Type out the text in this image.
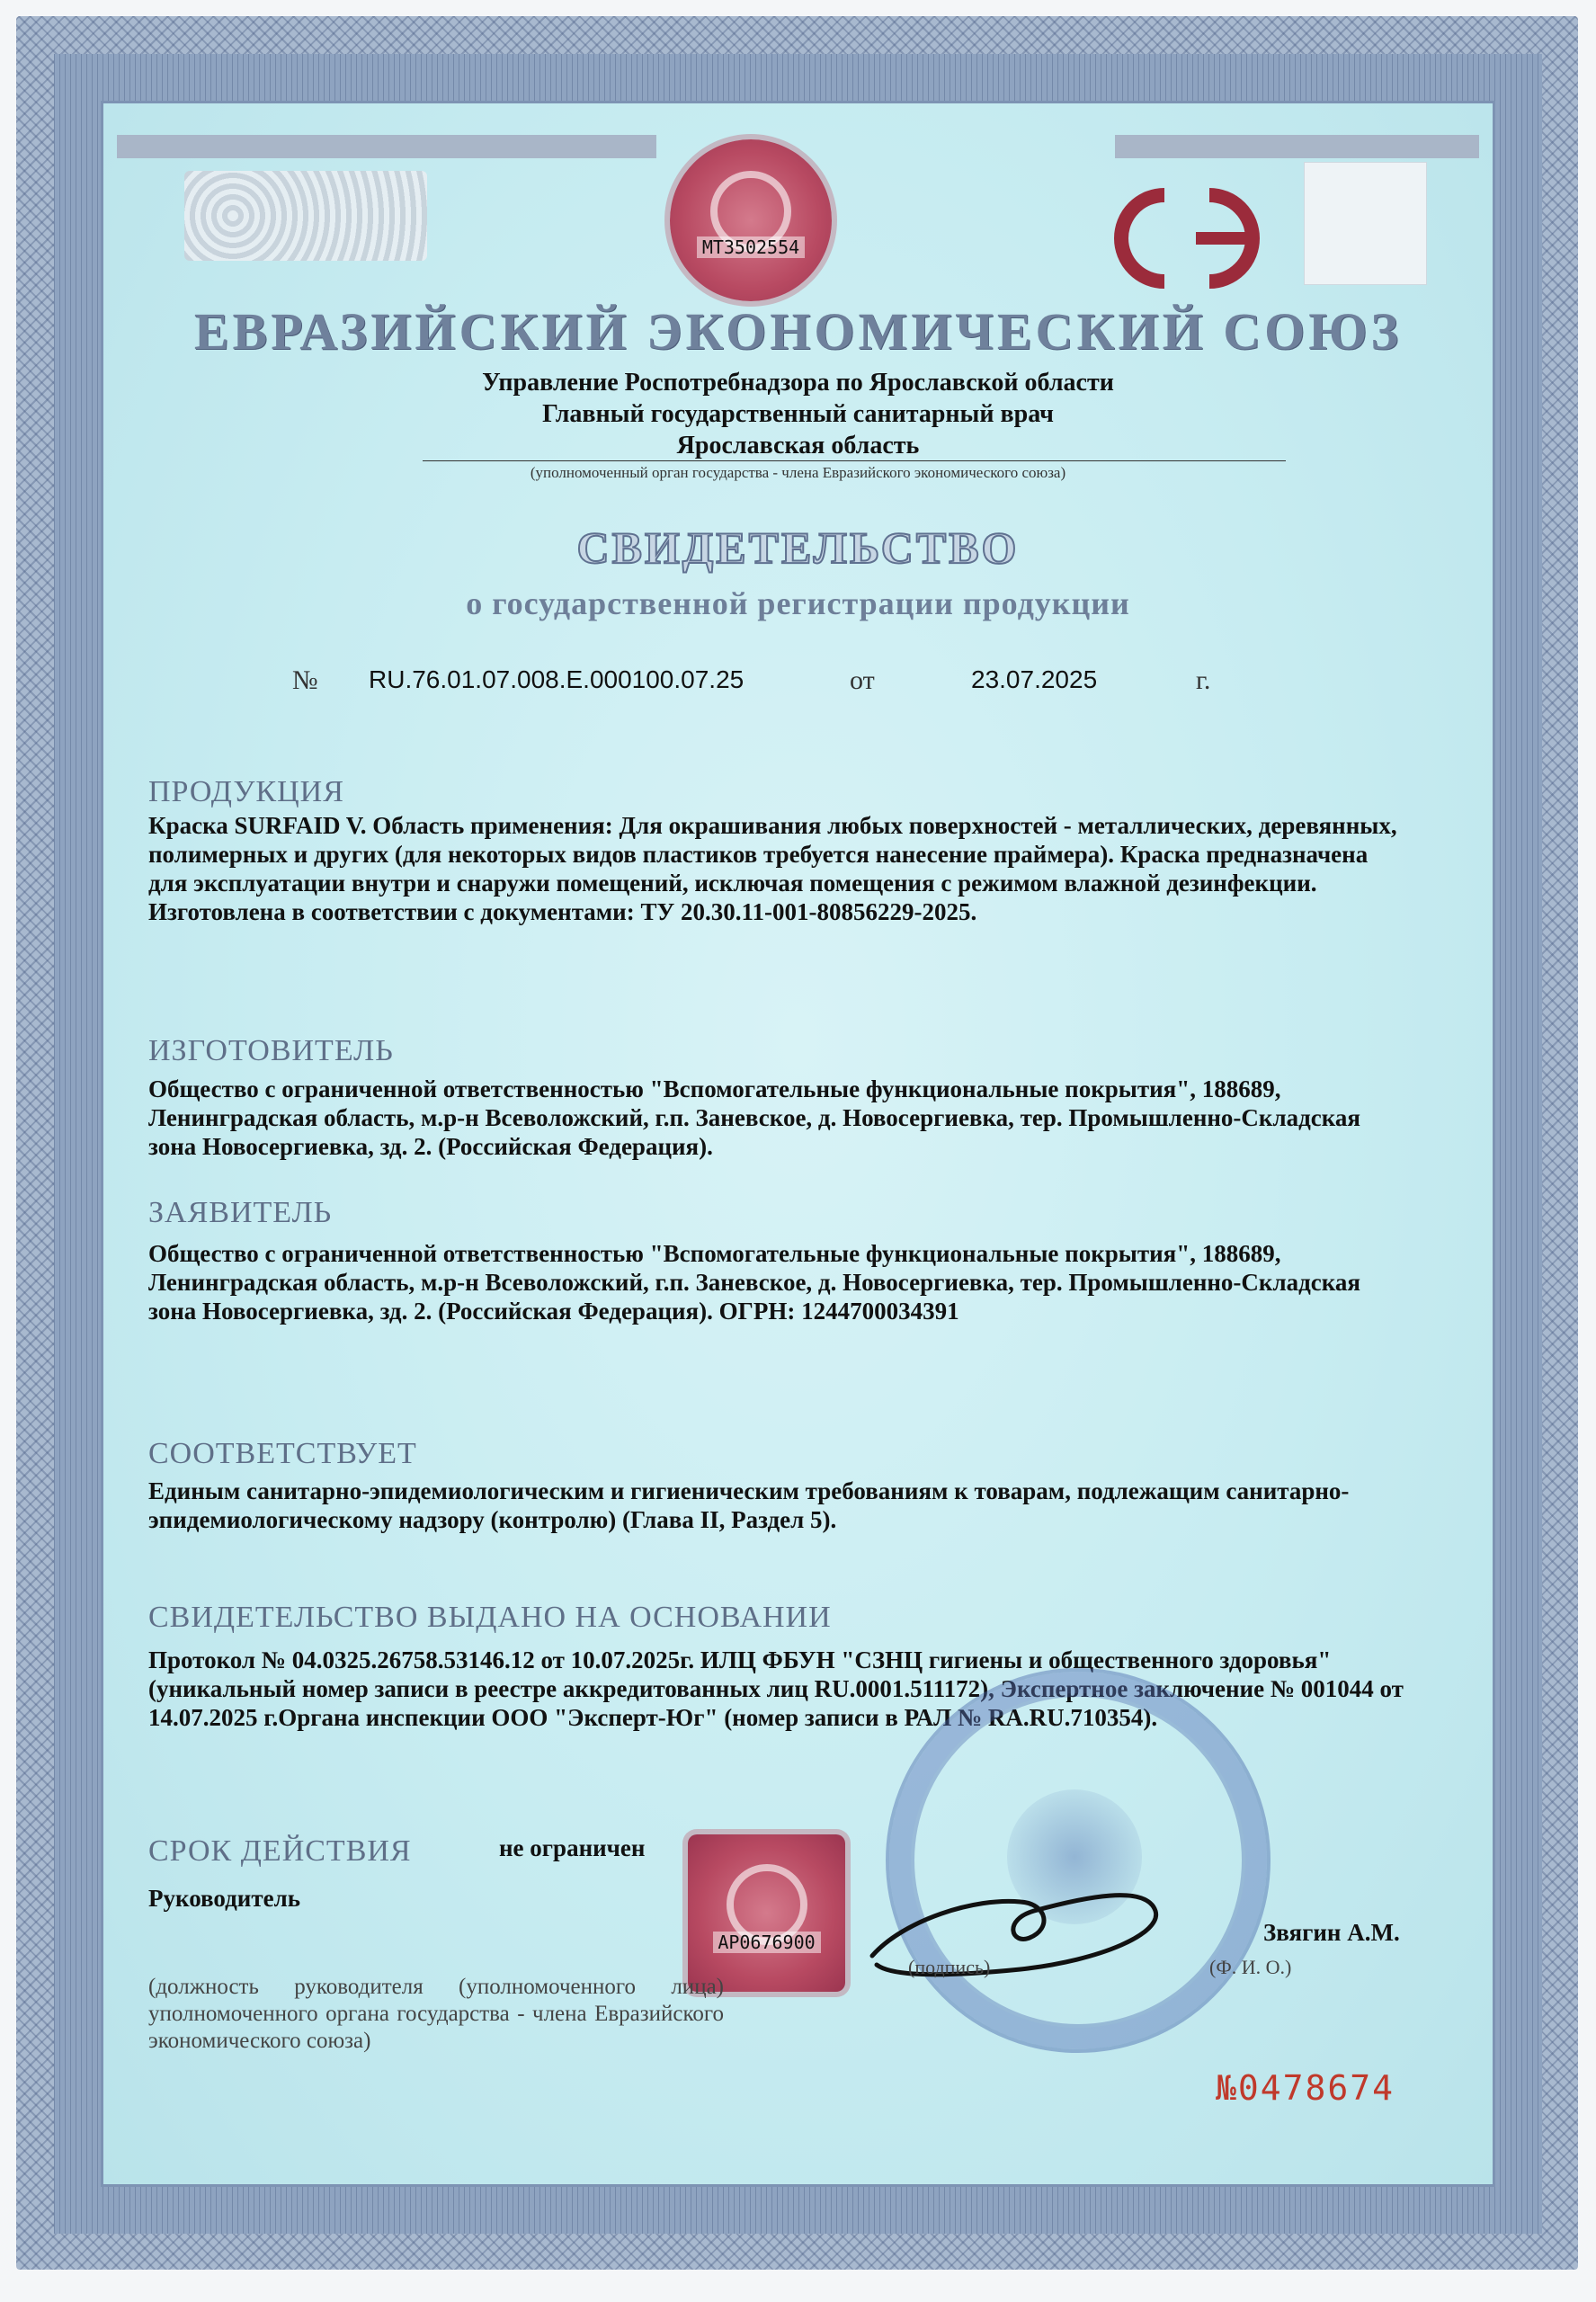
MT3502554
ЕВРАЗИЙСКИЙ ЭКОНОМИЧЕСКИЙ СОЮЗ
Управление Роспотребнадзора по Ярославской области
Главный государственный санитарный врач
Ярославская область
(уполномоченный орган государства - члена Евразийского экономического союза)
СВИДЕТЕЛЬСТВО
о государственной регистрации продукции
№ RU.76.01.07.008.Е.000100.07.25	от	23.07.2025	г.
ПРОДУКЦИЯ
Краска SURFAID V. Область применения: Для окрашивания любых поверхностей - металлических, деревянных, полимерных и других (для некоторых видов пластиков требуется нанесение праймера). Краска предназначена для эксплуатации внутри и снаружи помещений, исключая помещения с режимом влажной дезинфекции. Изготовлена в соответствии с документами: ТУ 20.30.11-001-80856229-2025.
ИЗГОТОВИТЕЛЬ
Общество с ограниченной ответственностью "Вспомогательные функциональные покрытия", 188689, Ленинградская область, м.р-н Всеволожский, г.п. Заневское, д. Новосергиевка, тер. Промышленно-Складская зона Новосергиевка, зд. 2. (Российская Федерация).
ЗАЯВИТЕЛЬ
Общество с ограниченной ответственностью "Вспомогательные функциональные покрытия", 188689, Ленинградская область, м.р-н Всеволожский, г.п. Заневское, д. Новосергиевка, тер. Промышленно-Складская зона Новосергиевка, зд. 2. (Российская Федерация). ОГРН: 1244700034391
СООТВЕТСТВУЕТ
Единым санитарно-эпидемиологическим и гигиеническим требованиям к товарам, подлежащим санитарно-эпидемиологическому надзору (контролю) (Глава II, Раздел 5).
СВИДЕТЕЛЬСТВО ВЫДАНО НА ОСНОВАНИИ
Протокол № 04.0325.26758.53146.12 от 10.07.2025г. ИЛЦ ФБУН "СЗНЦ гигиены и общественного здоровья" (уникальный номер записи в реестре аккредитованных лиц RU.0001.511172), Экспертное заключение № 001044 от 14.07.2025 г.Органа инспекции ООО "Эксперт-Юг" (номер записи в РАЛ № RA.RU.710354).
СРОК ДЕЙСТВИЯ	не ограничен
Руководитель
АР0676900	Звягин А.М.
(подпись)	(Ф. И. О.)
(должность руководителя (уполномоченного лица) уполномоченного органа государства - члена Евразийского экономического союза)
№0478674
